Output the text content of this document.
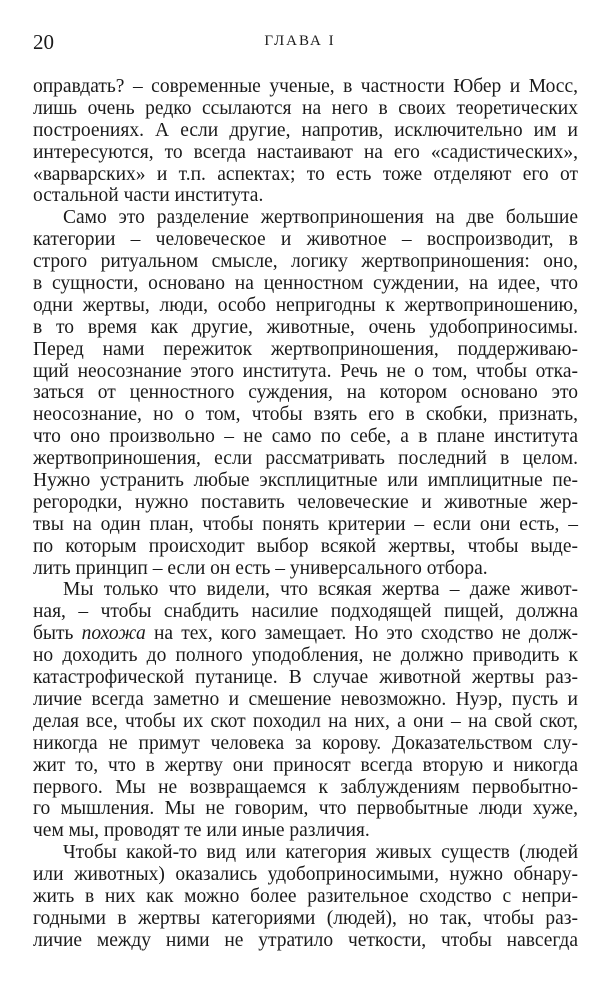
20	ГЛАВА I
оправдать? – современные ученые, в частности Юбер и Мосс,
лишь очень редко ссылаются на него в своих теоретических
построениях. А если другие, напротив, исключительно им и
интересуются, то всегда настаивают на его «садистических»,
«варварских» и т.п. аспектах; то есть тоже отделяют его от
остальной части института.
Само это разделение жертвоприношения на две большие
категории – человеческое и животное – воспроизводит, в
строго ритуальном смысле, логику жертвоприношения: оно,
в сущности, основано на ценностном суждении, на идее, что
одни жертвы, люди, особо непригодны к жертвоприношению,
в то время как другие, животные, очень удобоприносимы.
Перед нами пережиток жертвоприношения, поддерживаю-
щий неосознание этого института. Речь не о том, чтобы отка-
заться от ценностного суждения, на котором основано это
неосознание, но о том, чтобы взять его в скобки, признать,
что оно произвольно – не само по себе, а в плане института
жертвоприношения, если рассматривать последний в целом.
Нужно устранить любые эксплицитные или имплицитные пе-
регородки, нужно поставить человеческие и животные жер-
твы на один план, чтобы понять критерии – если они есть, –
по которым происходит выбор всякой жертвы, чтобы выде-
лить принцип – если он есть – универсального отбора.
Мы только что видели, что всякая жертва – даже живот-
ная, – чтобы снабдить насилие подходящей пищей, должна
быть похожа на тех, кого замещает. Но это сходство не долж-
но доходить до полного уподобления, не должно приводить к
катастрофической путанице. В случае животной жертвы раз-
личие всегда заметно и смешение невозможно. Нуэр, пусть и
делая все, чтобы их скот походил на них, а они – на свой скот,
никогда не примут человека за корову. Доказательством слу-
жит то, что в жертву они приносят всегда вторую и никогда
первого. Мы не возвращаемся к заблуждениям первобытно-
го мышления. Мы не говорим, что первобытные люди хуже,
чем мы, проводят те или иные различия.
Чтобы какой-то вид или категория живых существ (людей
или животных) оказались удобоприносимыми, нужно обнару-
жить в них как можно более разительное сходство с непри-
годными в жертвы категориями (людей), но так, чтобы раз-
личие между ними не утратило четкости, чтобы навсегда
